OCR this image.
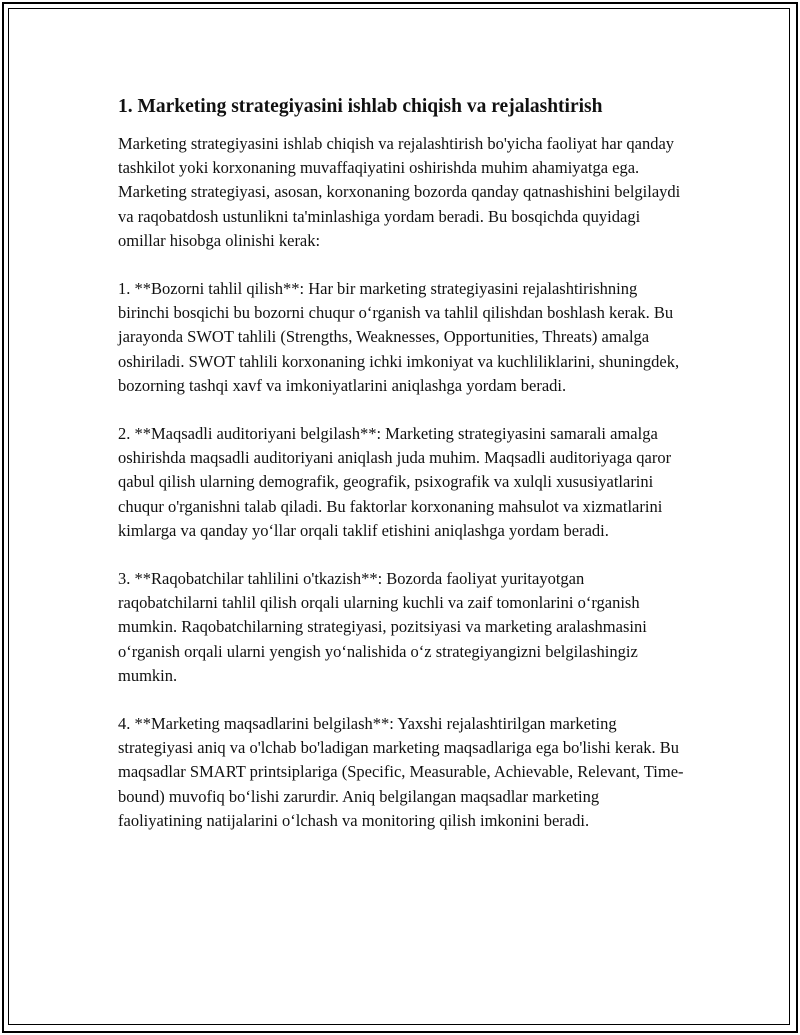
1. Marketing strategiyasini ishlab chiqish va rejalashtirish

Marketing strategiyasini ishlab chiqish va rejalashtirish bo'yicha faoliyat har qanday tashkilot yoki korxonaning muvaffaqiyatini oshirishda muhim ahamiyatga ega. Marketing strategiyasi, asosan, korxonaning bozorda qanday qatnashishini belgilaydi va raqobatdosh ustunlikni ta'minlashiga yordam beradi. Bu bosqichda quyidagi omillar hisobga olinishi kerak:

1. **Bozorni tahlil qilish**: Har bir marketing strategiyasini rejalashtirishning birinchi bosqichi bu bozorni chuqur oʻrganish va tahlil qilishdan boshlash kerak. Bu jarayonda SWOT tahlili (Strengths, Weaknesses, Opportunities, Threats) amalga oshiriladi. SWOT tahlili korxonaning ichki imkoniyat va kuchliliklarini, shuningdek, bozorning tashqi xavf va imkoniyatlarini aniqlashga yordam beradi.

2. **Maqsadli auditoriyani belgilash**: Marketing strategiyasini samarali amalga oshirishda maqsadli auditoriyani aniqlash juda muhim. Maqsadli auditoriyaga qaror qabul qilish ularning demografik, geografik, psixografik va xulqli xususiyatlarini chuqur o'rganishni talab qiladi. Bu faktorlar korxonaning mahsulot va xizmatlarini kimlarga va qanday yoʻllar orqali taklif etishini aniqlashga yordam beradi.

3. **Raqobatchilar tahlilini o'tkazish**: Bozorda faoliyat yuritayotgan raqobatchilarni tahlil qilish orqali ularning kuchli va zaif tomonlarini oʻrganish mumkin. Raqobatchilarning strategiyasi, pozitsiyasi va marketing aralashmasini oʻrganish orqali ularni yengish yoʻnalishida oʻz strategiyangizni belgilashingiz mumkin.

4. **Marketing maqsadlarini belgilash**: Yaxshi rejalashtirilgan marketing strategiyasi aniq va o'lchab bo'ladigan marketing maqsadlariga ega bo'lishi kerak. Bu maqsadlar SMART printsiplariga (Specific, Measurable, Achievable, Relevant, Time-bound) muvofiq boʻlishi zarurdir. Aniq belgilangan maqsadlar marketing faoliyatining natijalarini oʻlchash va monitoring qilish imkonini beradi.
